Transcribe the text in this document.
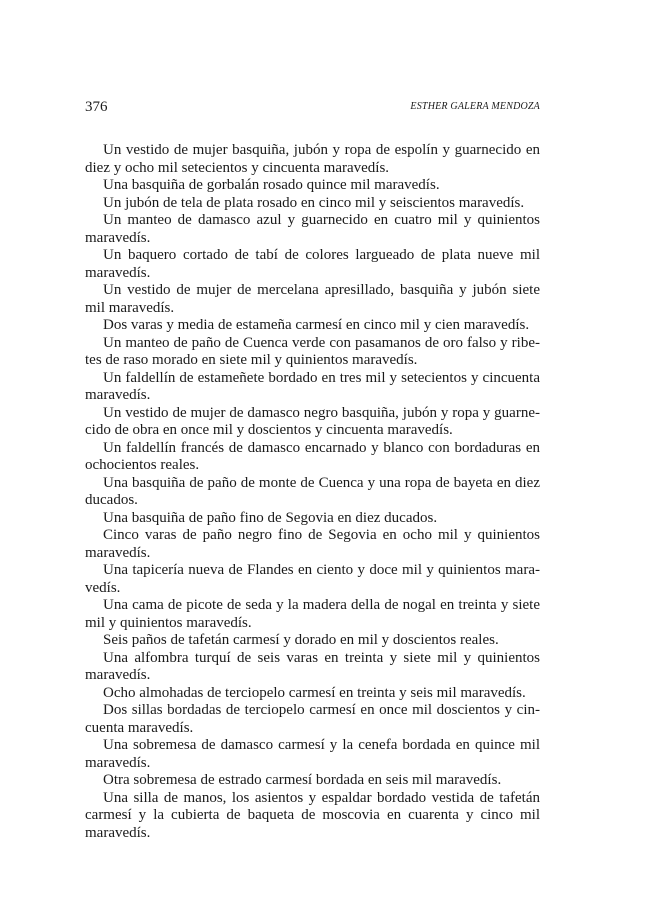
376	ESTHER GALERA MENDOZA

Un vestido de mujer basquiña, jubón y ropa de espolín y guarnecido en diez y ocho mil setecientos y cincuenta maravedís.

Una basquiña de gorbalán rosado quince mil maravedís.

Un jubón de tela de plata rosado en cinco mil y seiscientos maravedís.

Un manteo de damasco azul y guarnecido en cuatro mil y quinientos maravedís.

Un baquero cortado de tabí de colores largueado de plata nueve mil maravedís.

Un vestido de mujer de mercelana apresillado, basquiña y jubón siete mil maravedís.

Dos varas y media de estameña carmesí en cinco mil y cien maravedís.

Un manteo de paño de Cuenca verde con pasamanos de oro falso y ribetes de raso morado en siete mil y quinientos maravedís.

Un faldellín de estameñete bordado en tres mil y setecientos y cincuenta maravedís.

Un vestido de mujer de damasco negro basquiña, jubón y ropa y guarnecido de obra en once mil y doscientos y cincuenta maravedís.

Un faldellín francés de damasco encarnado y blanco con bordaduras en ochocientos reales.

Una basquiña de paño de monte de Cuenca y una ropa de bayeta en diez ducados.

Una basquiña de paño fino de Segovia en diez ducados.

Cinco varas de paño negro fino de Segovia en ocho mil y quinientos maravedís.

Una tapicería nueva de Flandes en ciento y doce mil y quinientos maravedís.

Una cama de picote de seda y la madera della de nogal en treinta y siete mil y quinientos maravedís.

Seis paños de tafetán carmesí y dorado en mil y doscientos reales.

Una alfombra turquí de seis varas en treinta y siete mil y quinientos maravedís.

Ocho almohadas de terciopelo carmesí en treinta y seis mil maravedís.

Dos sillas bordadas de terciopelo carmesí en once mil doscientos y cincuenta maravedís.

Una sobremesa de damasco carmesí y la cenefa bordada en quince mil maravedís.

Otra sobremesa de estrado carmesí bordada en seis mil maravedís.

Una silla de manos, los asientos y espaldar bordado vestida de tafetán carmesí y la cubierta de baqueta de moscovia en cuarenta y cinco mil maravedís.
